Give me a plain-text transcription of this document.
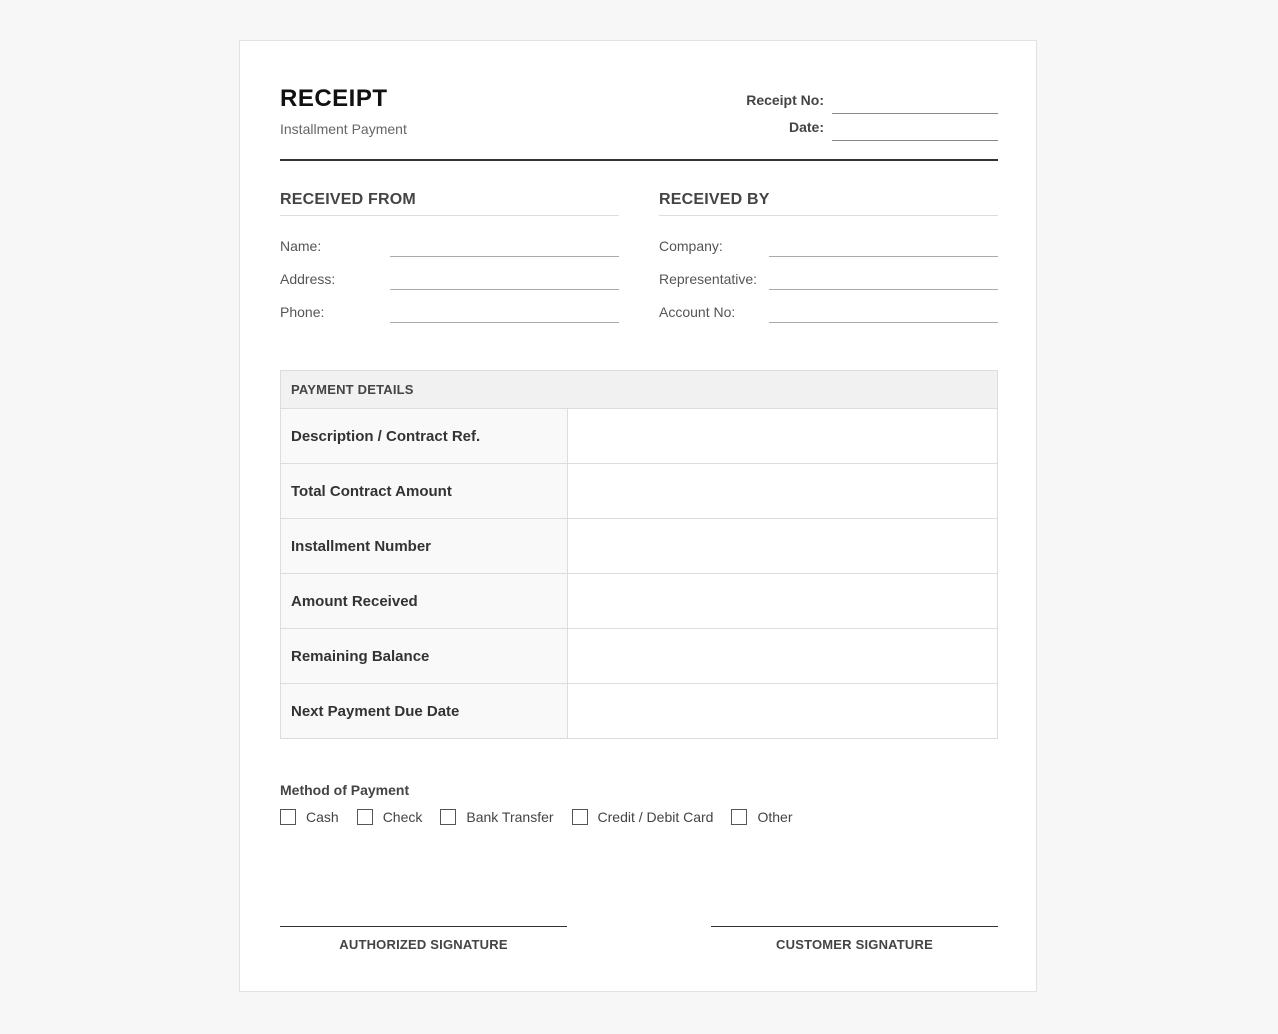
RECEIPT
Installment Payment
Receipt No:
Date:
RECEIVED FROM
Name:
Address:
Phone:
RECEIVED BY
Company:
Representative:
Account No:
PAYMENT DETAILS	
Description / Contract Ref.	
Total Contract Amount	
Installment Number	
Amount Received	
Remaining Balance	
Next Payment Due Date	
Method of Payment
Cash	Check	Bank Transfer	Credit / Debit Card	Other
AUTHORIZED SIGNATURE	CUSTOMER SIGNATURE
